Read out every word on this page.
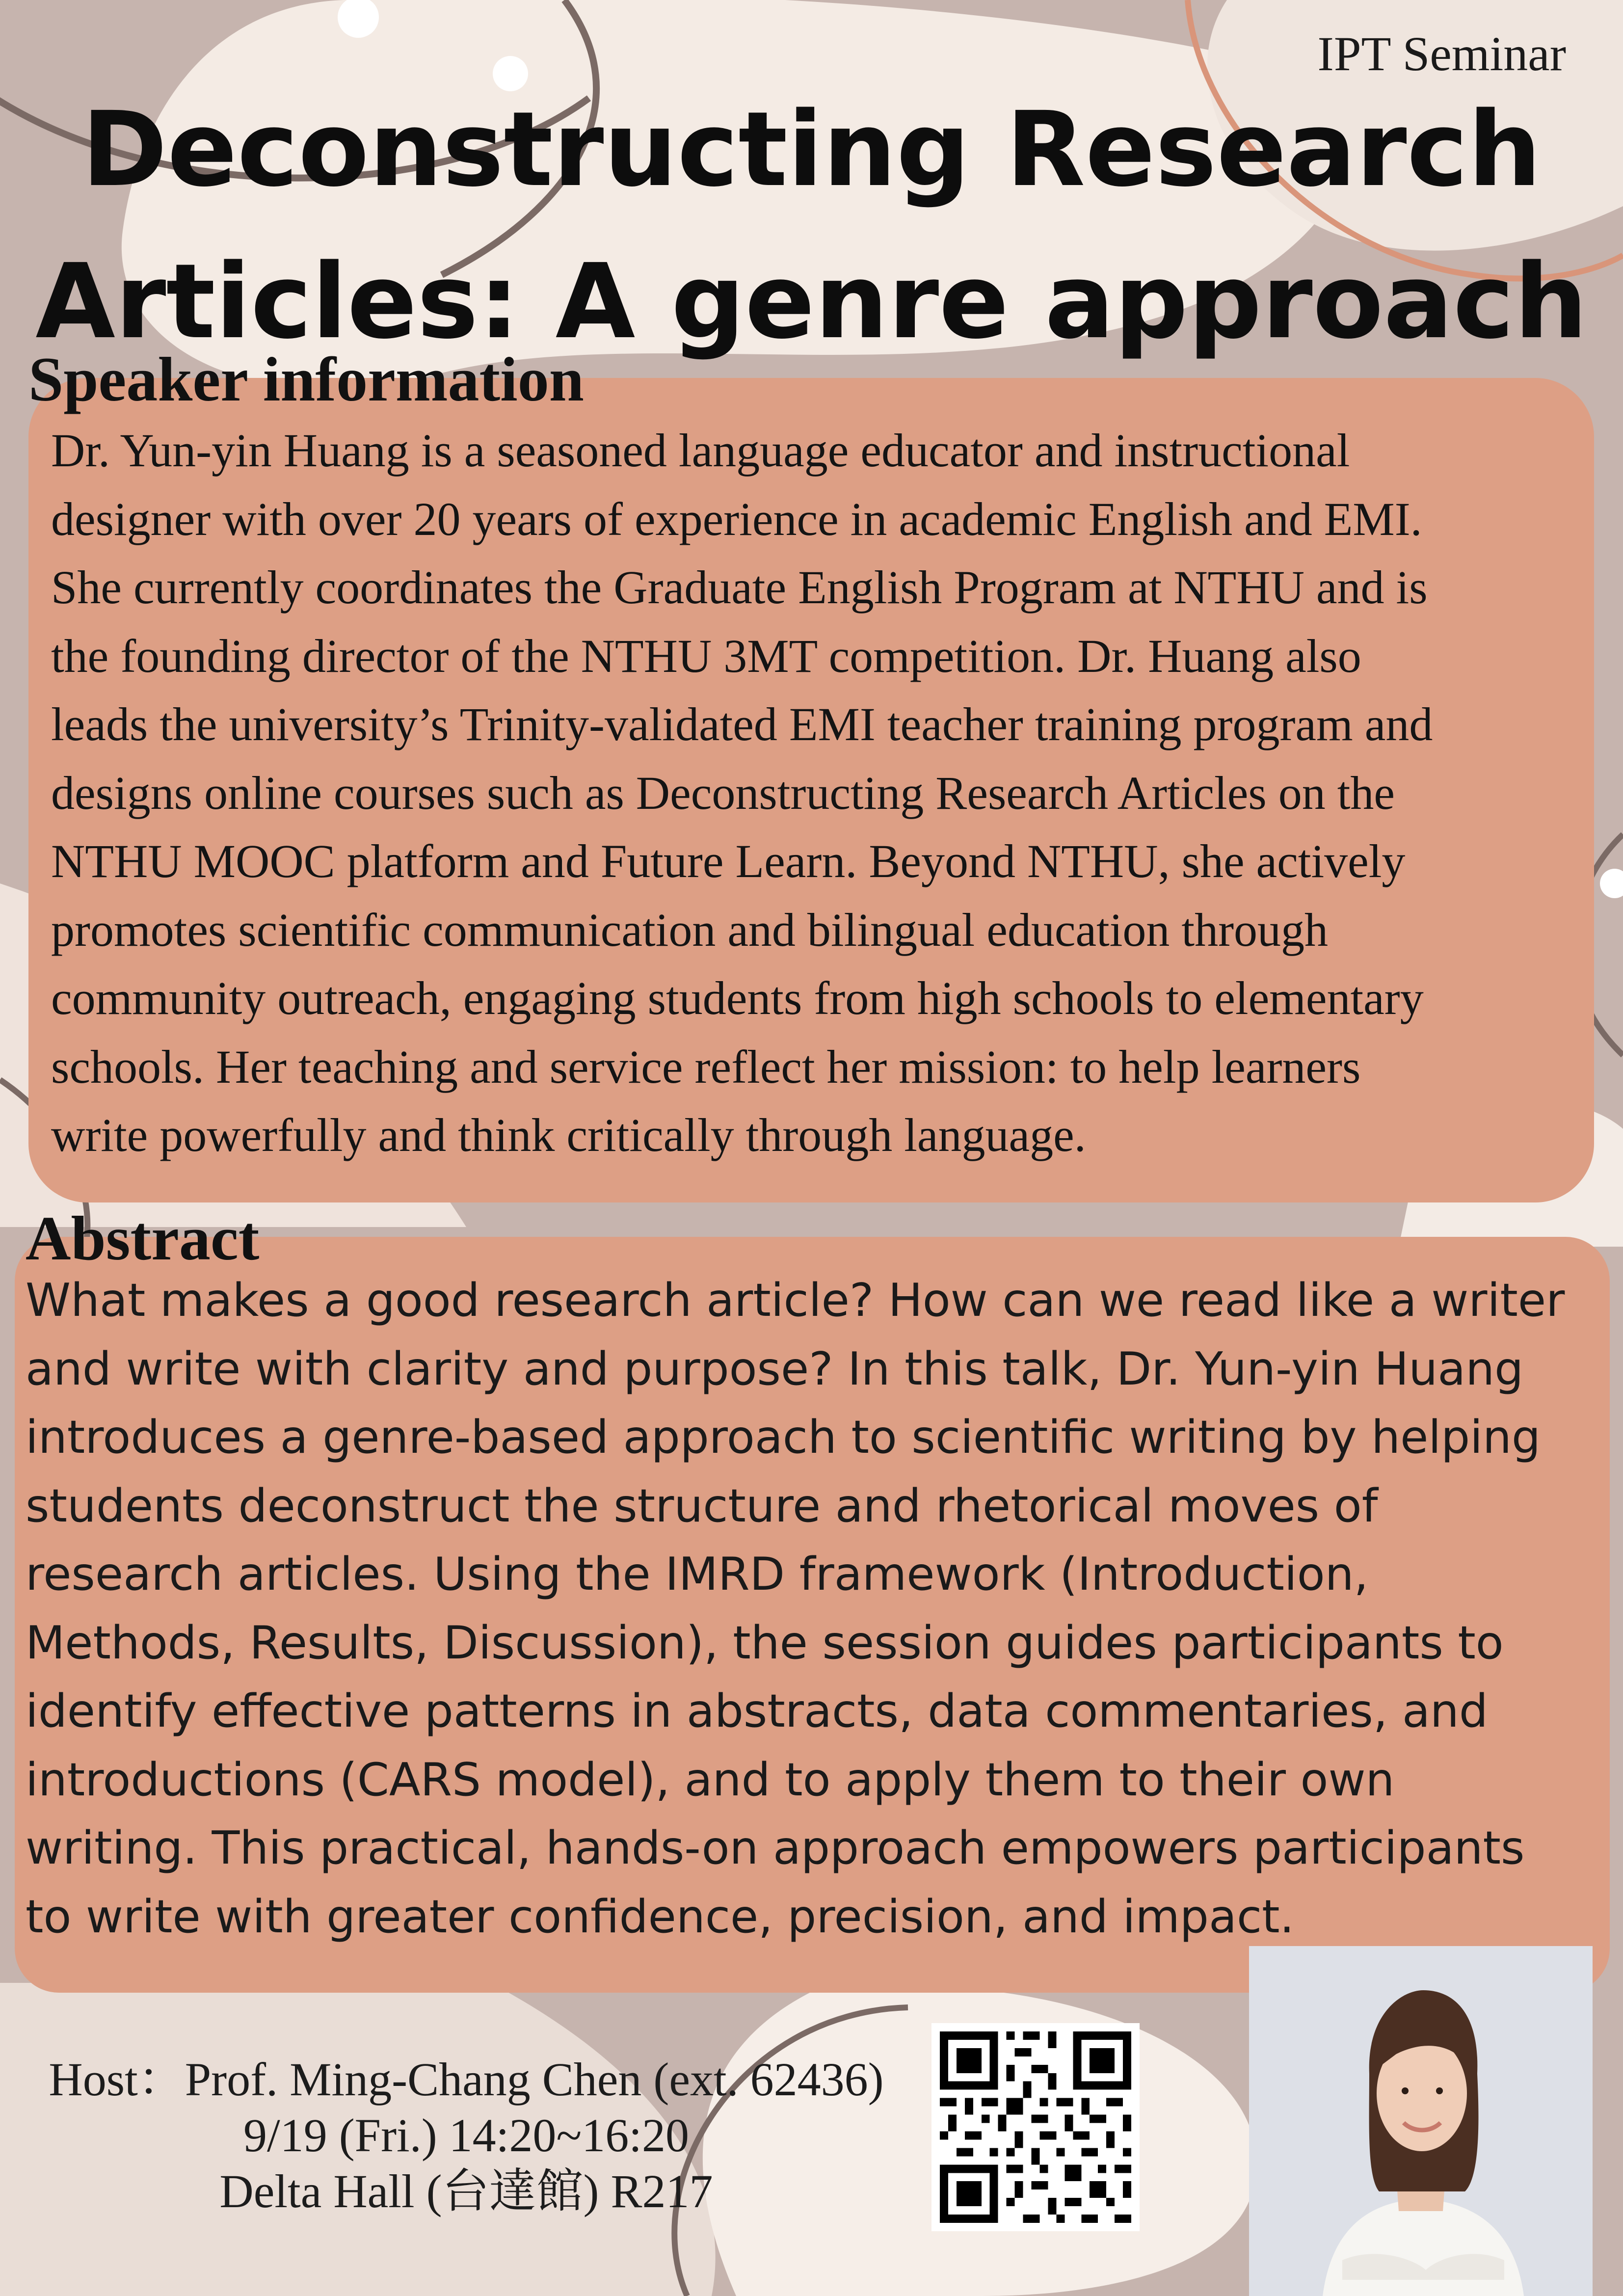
IPT Seminar
Deconstructing Research
Articles: A genre approach
Speaker information

Dr. Yun-yin Huang is a seasoned language educator and instructional
designer with over 20 years of experience in academic English and EMI.
She currently coordinates the Graduate English Program at NTHU and is
the founding director of the NTHU 3MT competition. Dr. Huang also
leads the university’s Trinity-validated EMI teacher training program and
designs online courses such as Deconstructing Research Articles on the
NTHU MOOC platform and Future Learn. Beyond NTHU, she actively
promotes scientific communication and bilingual education through
community outreach, engaging students from high schools to elementary
schools. Her teaching and service reflect her mission: to help learners
write powerfully and think critically through language.

Abstract

What makes a good research article? How can we read like a writer
and write with clarity and purpose? In this talk, Dr. Yun-yin Huang
introduces a genre-based approach to scientific writing by helping
students deconstruct the structure and rhetorical moves of
research articles. Using the IMRD framework (Introduction,
Methods, Results, Discussion), the session guides participants to
identify effective patterns in abstracts, data commentaries, and
introductions (CARS model), and to apply them to their own
writing. This practical, hands-on approach empowers participants
to write with greater confidence, precision, and impact.

Host：Prof. Ming-Chang Chen (ext. 62436)
9/19 (Fri.) 14:20~16:20
Delta Hall (台達館) R217
